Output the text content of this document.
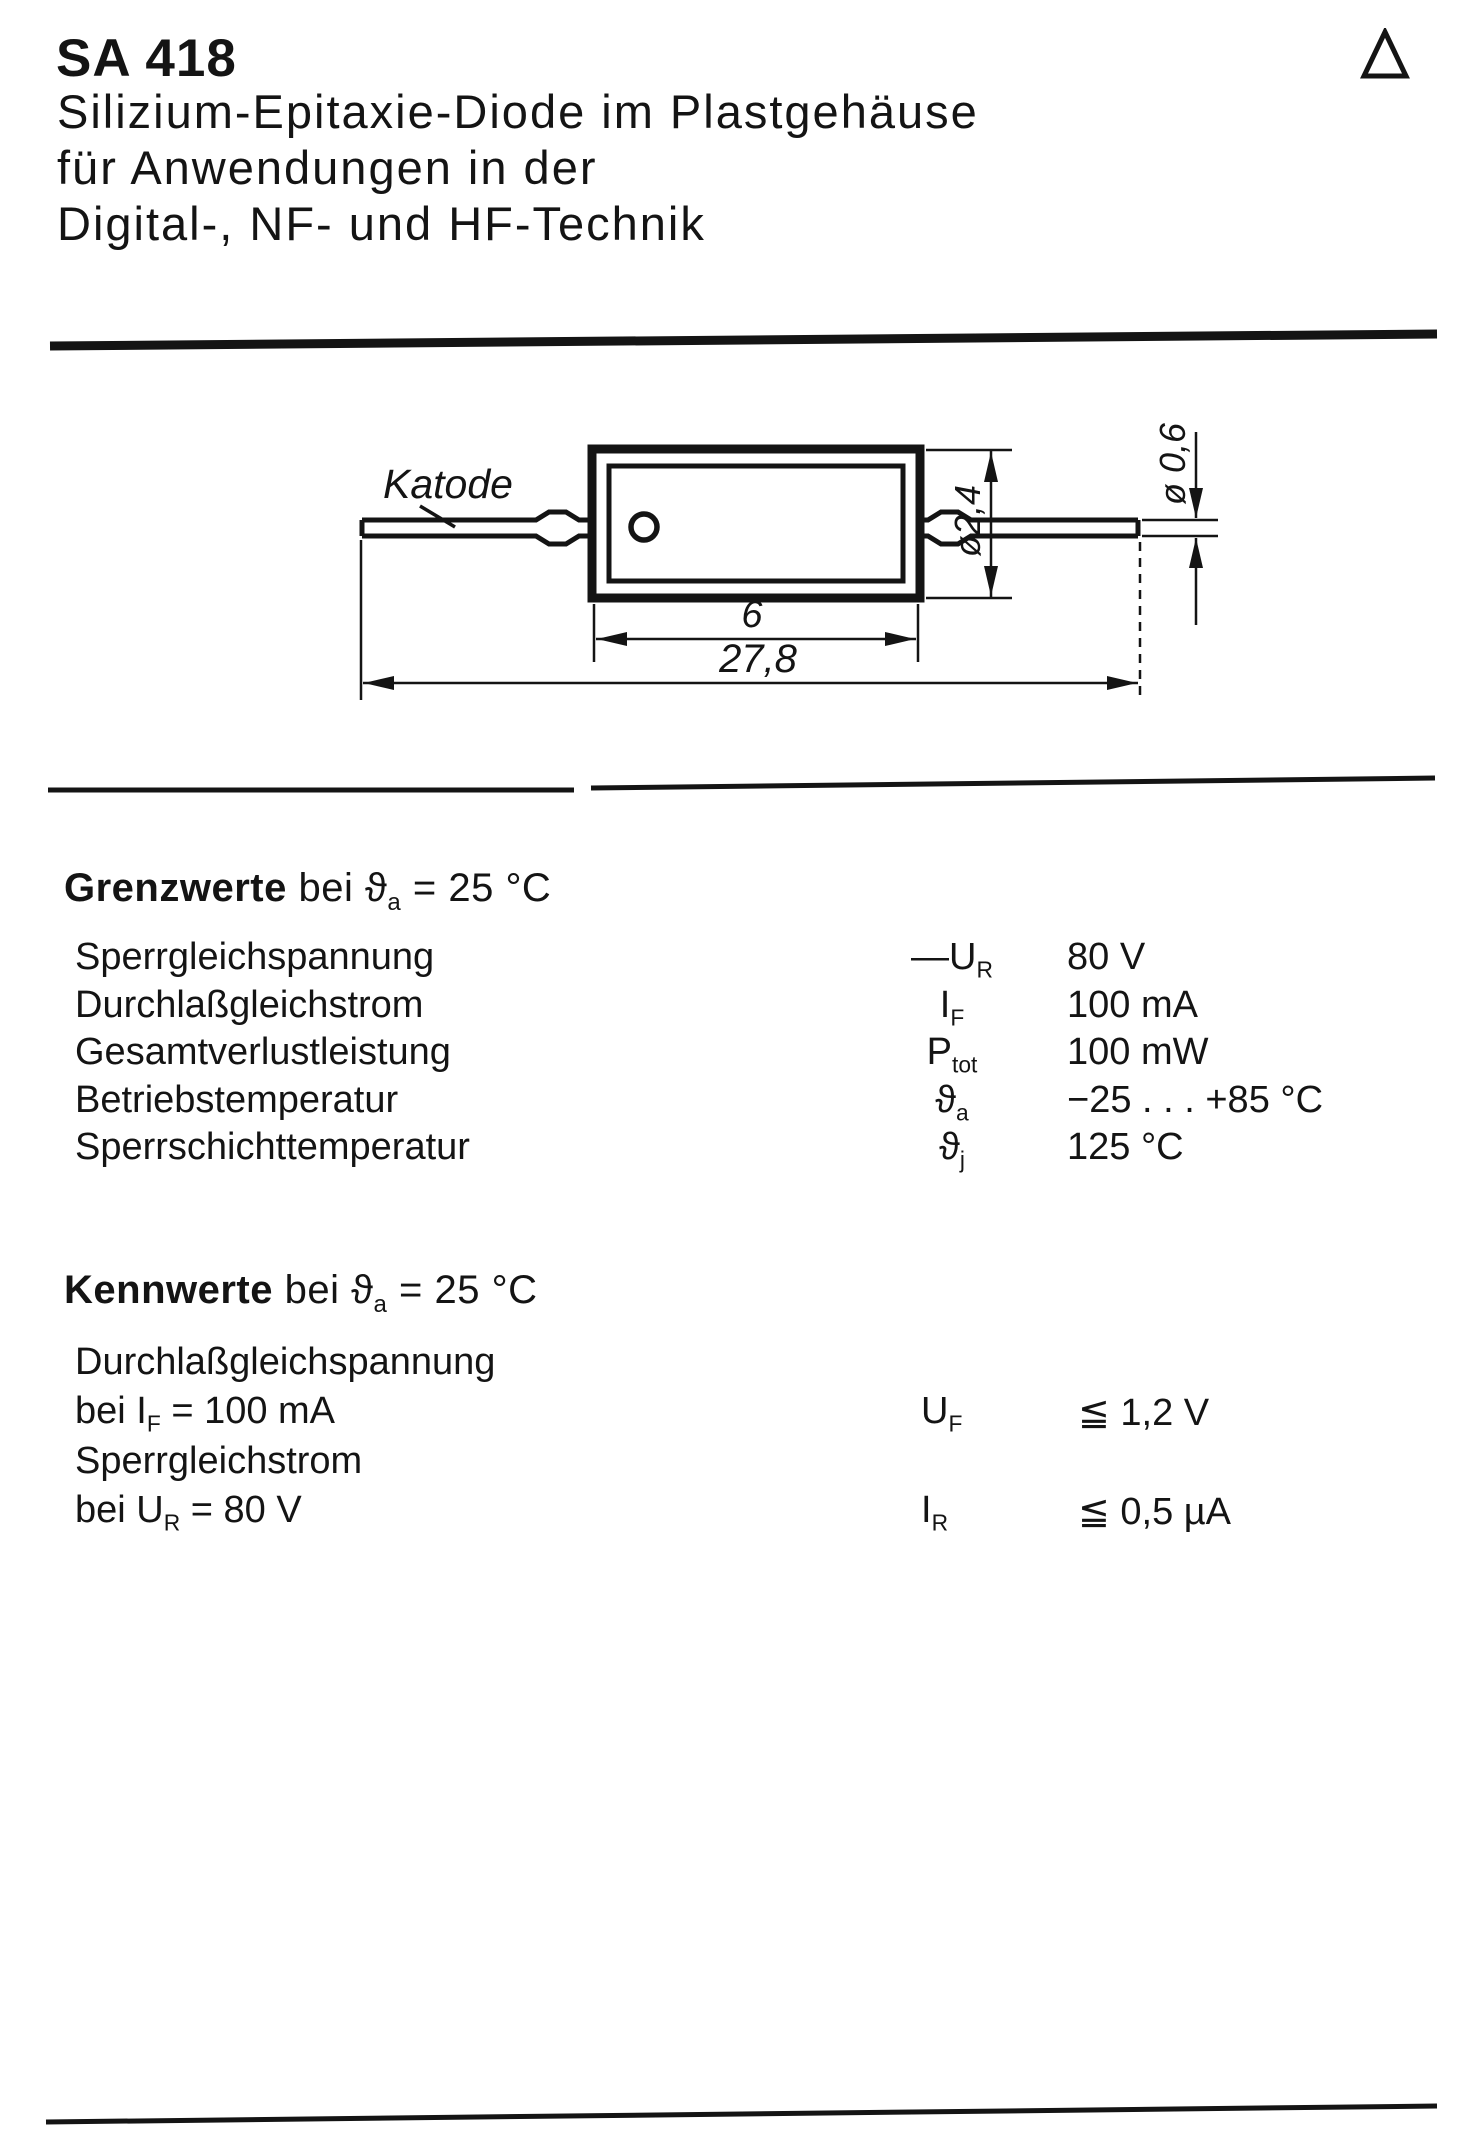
SA 418
Silizium-Epitaxie-Diode im Plastgehäuse
für Anwendungen in der
Digital-, NF- und HF-Technik
Katode
ø2,4
ø 0,6
6
27,8
Grenzwerte bei $ϑ_a = 25$ °C
Sperrgleichspannung	$—U_R$	80 V
Durchlaßgleichstrom	$I_F$	100 mA
Gesamtverlustleistung	$P_{tot}$	100 mW
Betriebstemperatur	$ϑ_a$	−25 . . . +85 °C
Sperrschichttemperatur	$ϑ_j$	125 °C
Kennwerte bei $ϑ_a = 25$ °C
Durchlaßgleichspannung
bei $I_F = 100$ mA	$U_F$	≦ 1,2 V
Sperrgleichstrom
bei $U_R = 80$ V	$I_R$	≦ 0,5 µA
